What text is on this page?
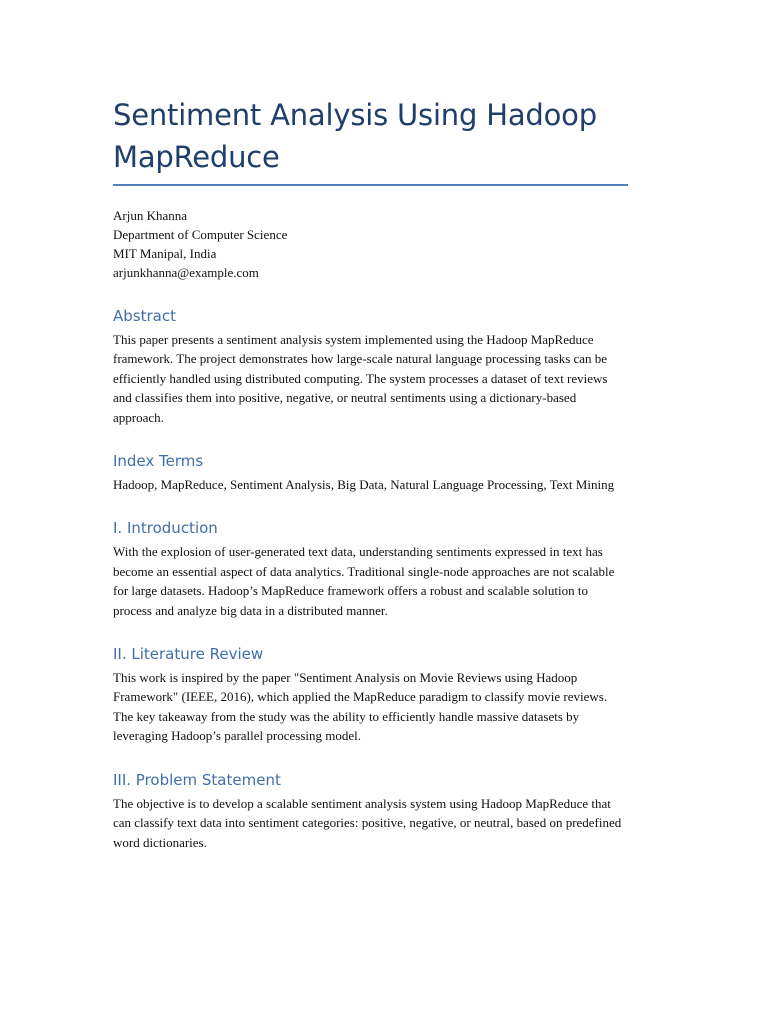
Sentiment Analysis Using Hadoop MapReduce
Arjun Khanna
Department of Computer Science
MIT Manipal, India
arjunkhanna@example.com
Abstract

This paper presents a sentiment analysis system implemented using the Hadoop MapReduce framework. The project demonstrates how large-scale natural language processing tasks can be efficiently handled using distributed computing. The system processes a dataset of text reviews and classifies them into positive, negative, or neutral sentiments using a dictionary-based approach.

Index Terms

Hadoop, MapReduce, Sentiment Analysis, Big Data, Natural Language Processing, Text Mining

I. Introduction

With the explosion of user-generated text data, understanding sentiments expressed in text has become an essential aspect of data analytics. Traditional single-node approaches are not scalable for large datasets. Hadoop’s MapReduce framework offers a robust and scalable solution to process and analyze big data in a distributed manner.

II. Literature Review

This work is inspired by the paper "Sentiment Analysis on Movie Reviews using Hadoop Framework" (IEEE, 2016), which applied the MapReduce paradigm to classify movie reviews. The key takeaway from the study was the ability to efficiently handle massive datasets by leveraging Hadoop’s parallel processing model.

III. Problem Statement

The objective is to develop a scalable sentiment analysis system using Hadoop MapReduce that can classify text data into sentiment categories: positive, negative, or neutral, based on predefined word dictionaries.
